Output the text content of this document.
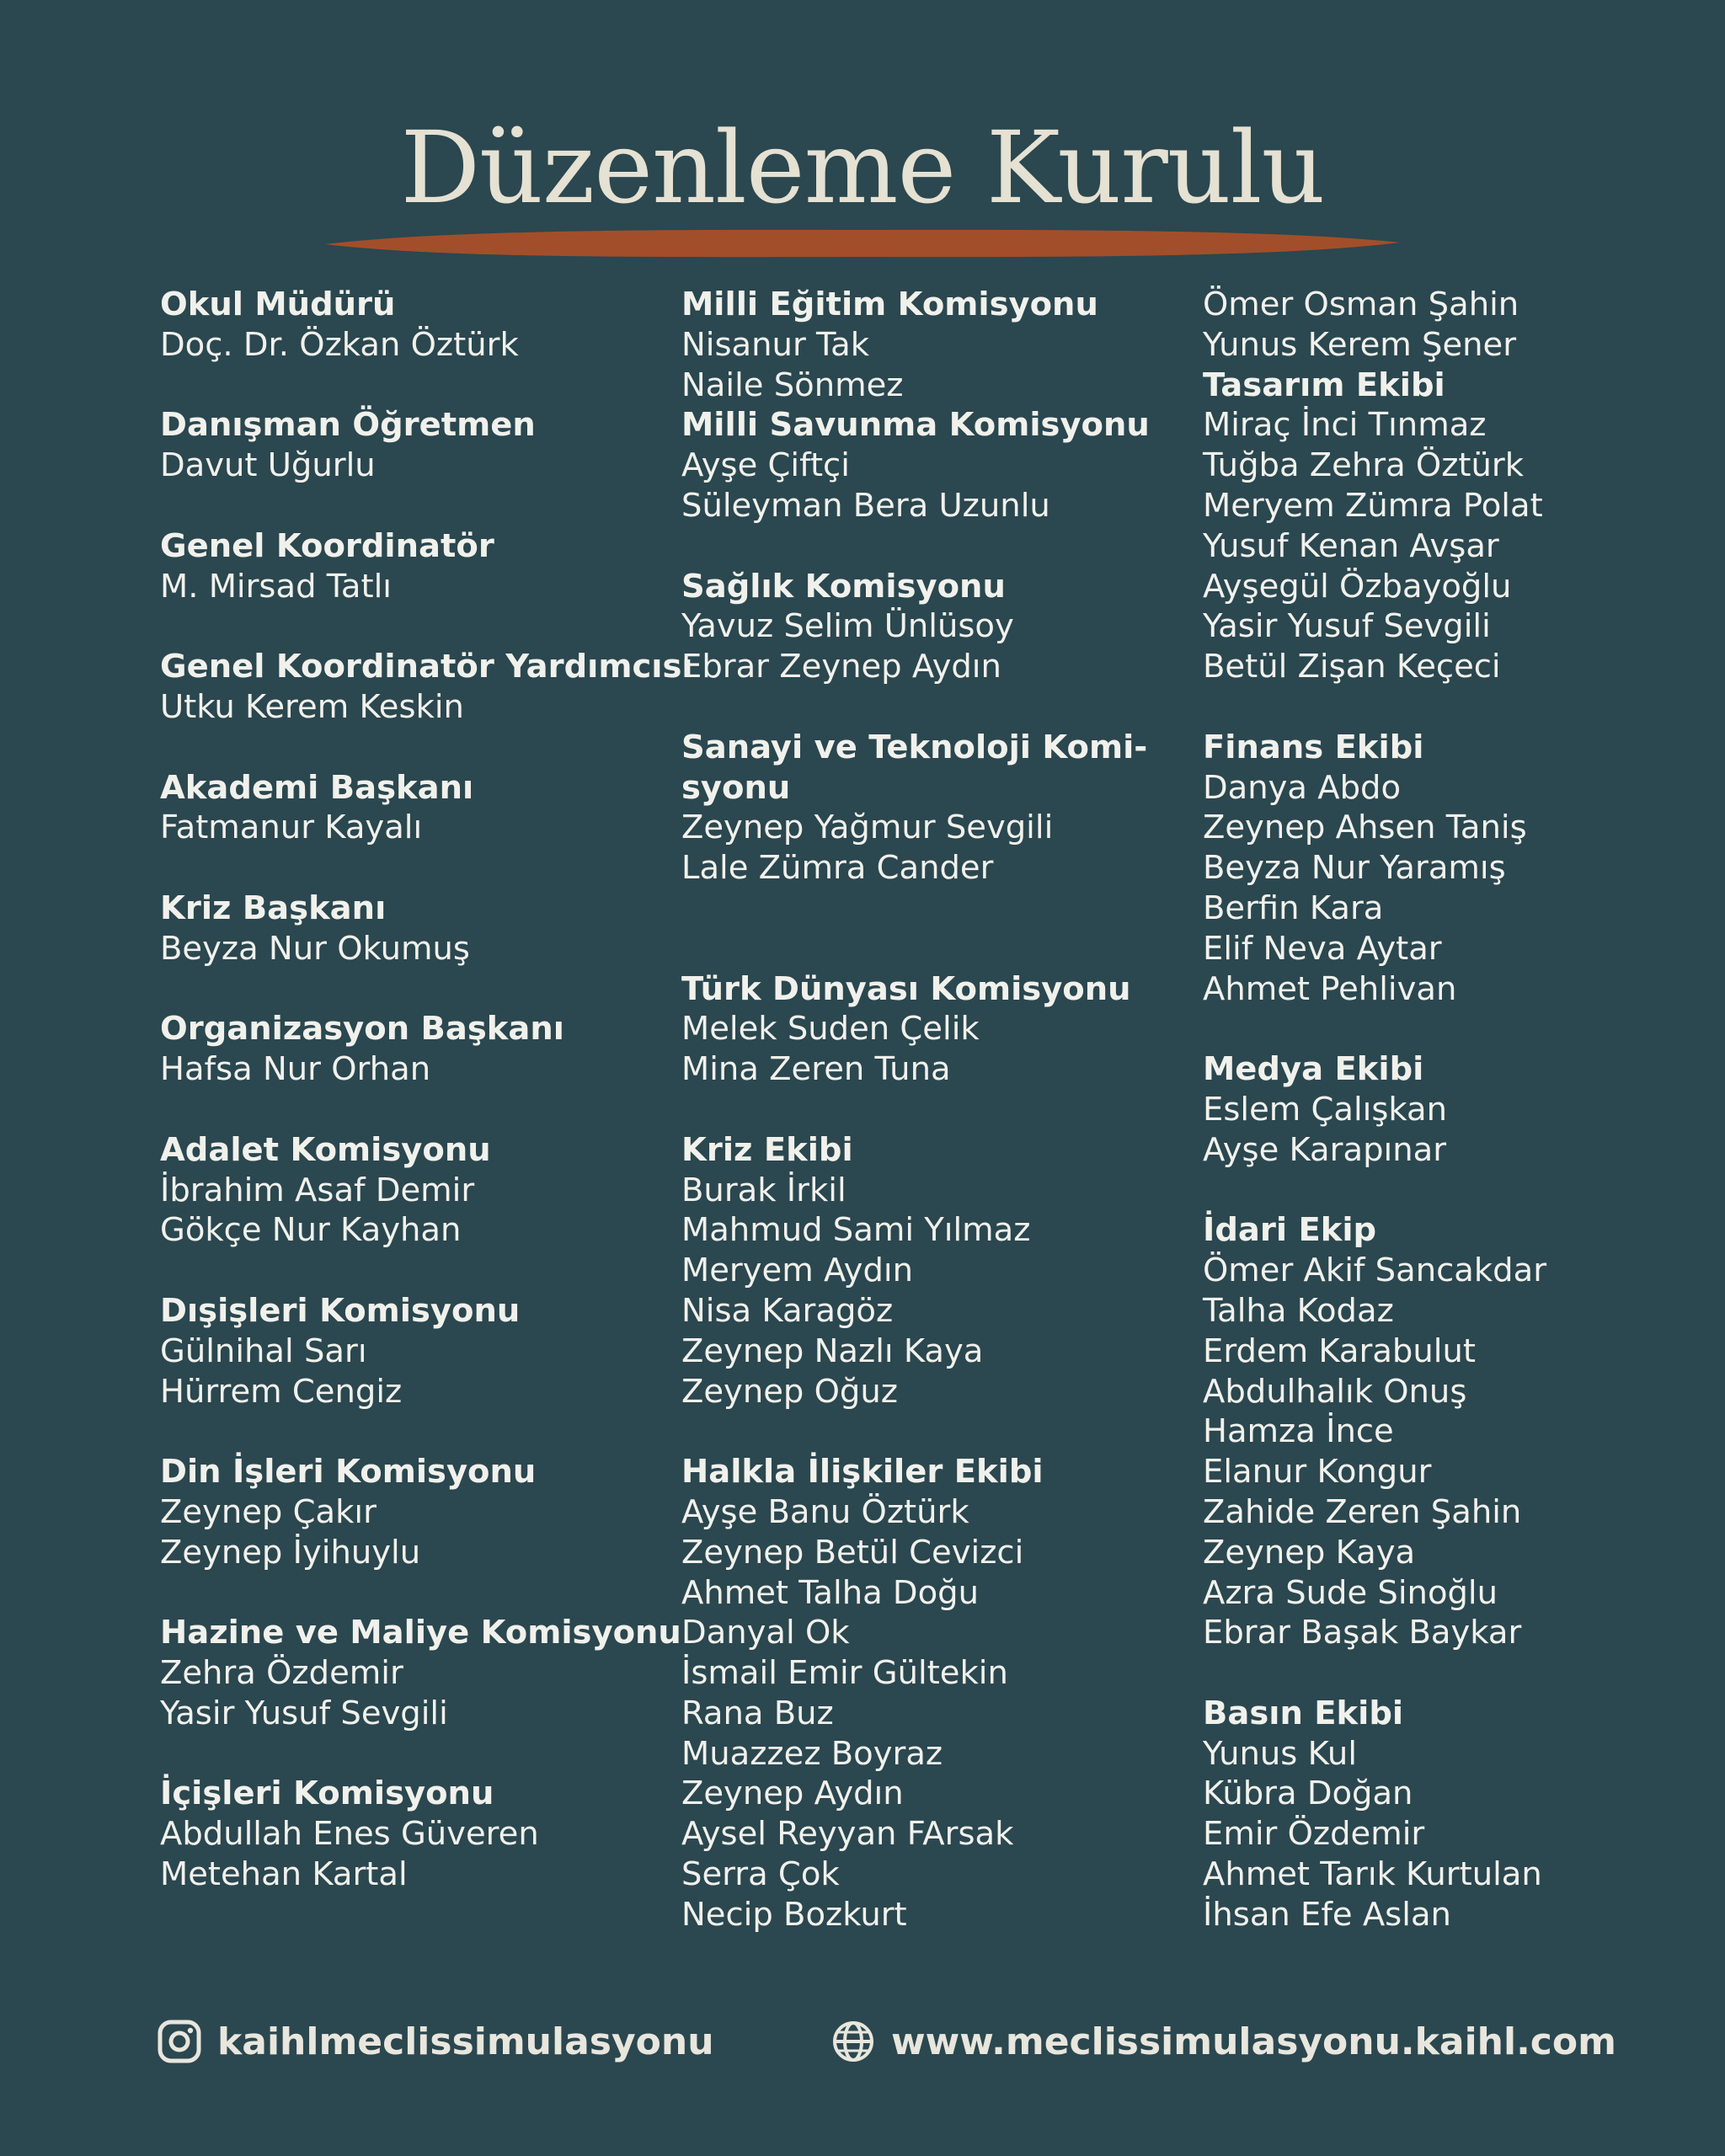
Düzenleme Kurulu
Okul Müdürü
Doç. Dr. Özkan Öztürk
Danışman Öğretmen
Davut Uğurlu
Genel Koordinatör
M. Mirsad Tatlı
Genel Koordinatör Yardımcısı
Utku Kerem Keskin
Akademi Başkanı
Fatmanur Kayalı
Kriz Başkanı
Beyza Nur Okumuş
Organizasyon Başkanı
Hafsa Nur Orhan
Adalet Komisyonu
İbrahim Asaf Demir
Gökçe Nur Kayhan
Dışişleri Komisyonu
Gülnihal Sarı
Hürrem Cengiz
Din İşleri Komisyonu
Zeynep Çakır
Zeynep İyihuylu
Hazine ve Maliye Komisyonu
Zehra Özdemir
Yasir Yusuf Sevgili
İçişleri Komisyonu
Abdullah Enes Güveren
Metehan Kartal
Milli Eğitim Komisyonu
Nisanur Tak
Naile Sönmez
Milli Savunma Komisyonu
Ayşe Çiftçi
Süleyman Bera Uzunlu
Sağlık Komisyonu
Yavuz Selim Ünlüsoy
Ebrar Zeynep Aydın
Sanayi ve Teknoloji Komi-
syonu
Zeynep Yağmur Sevgili
Lale Zümra Cander
Türk Dünyası Komisyonu
Melek Suden Çelik
Mina Zeren Tuna
Kriz Ekibi
Burak İrkil
Mahmud Sami Yılmaz
Meryem Aydın
Nisa Karagöz
Zeynep Nazlı Kaya
Zeynep Oğuz
Halkla İlişkiler Ekibi
Ayşe Banu Öztürk
Zeynep Betül Cevizci
Ahmet Talha Doğu
Danyal Ok
İsmail Emir Gültekin
Rana Buz
Muazzez Boyraz
Zeynep Aydın
Aysel Reyyan FArsak
Serra Çok
Necip Bozkurt
Ömer Osman Şahin
Yunus Kerem Şener
Tasarım Ekibi
Miraç İnci Tınmaz
Tuğba Zehra Öztürk
Meryem Zümra Polat
Yusuf Kenan Avşar
Ayşegül Özbayoğlu
Yasir Yusuf Sevgili
Betül Zişan Keçeci
Finans Ekibi
Danya Abdo
Zeynep Ahsen Taniş
Beyza Nur Yaramış
Berfin Kara
Elif Neva Aytar
Ahmet Pehlivan
Medya Ekibi
Eslem Çalışkan
Ayşe Karapınar
İdari Ekip
Ömer Akif Sancakdar
Talha Kodaz
Erdem Karabulut
Abdulhalık Onuş
Hamza İnce
Elanur Kongur
Zahide Zeren Şahin
Zeynep Kaya
Azra Sude Sinoğlu
Ebrar Başak Baykar
Basın Ekibi
Yunus Kul
Kübra Doğan
Emir Özdemir
Ahmet Tarık Kurtulan
İhsan Efe Aslan
kaihlmeclissimulasyonu	www.meclissimulasyonu.kaihl.com
